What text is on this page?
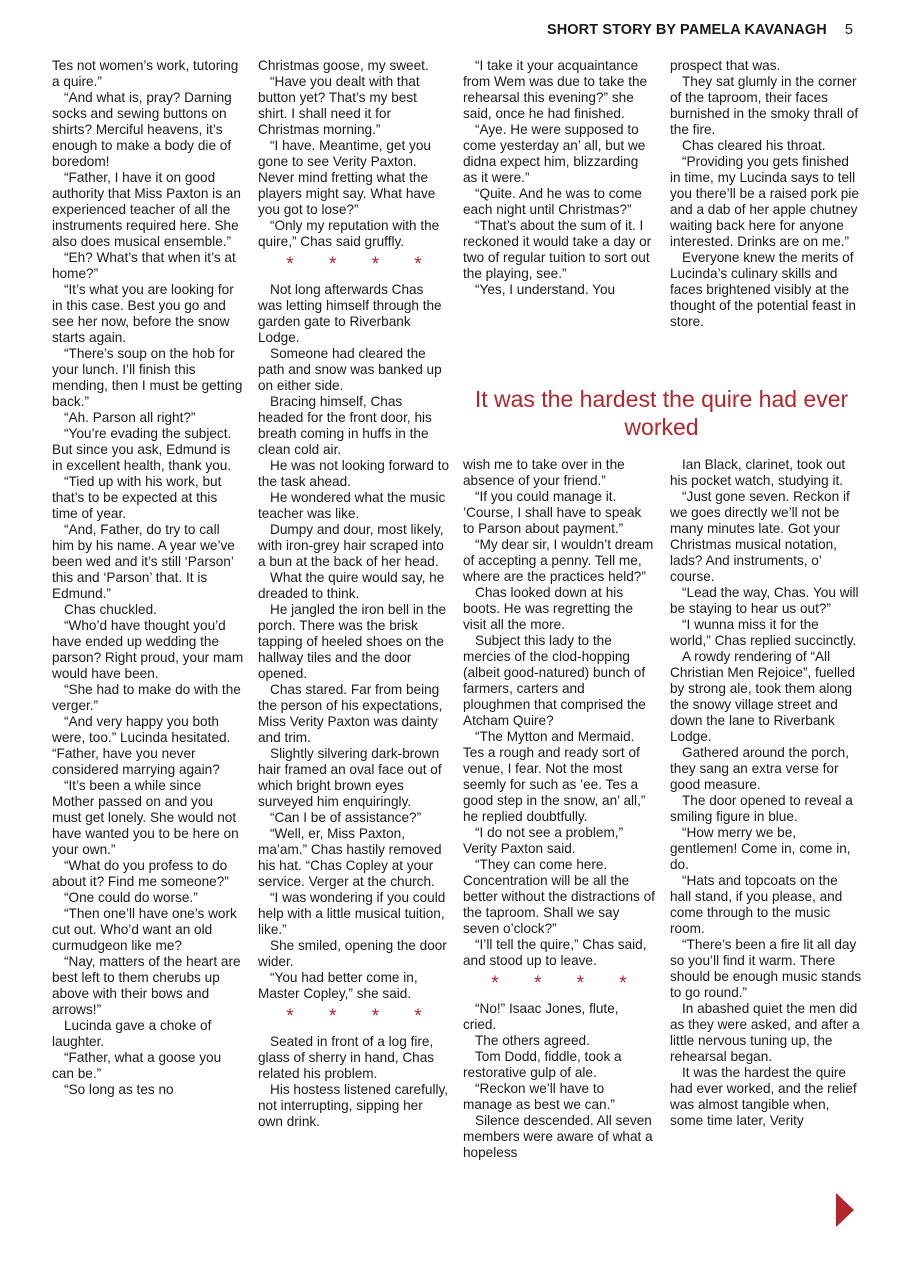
SHORT STORY BY PAMELA KAVANAGH 5

Tes not women’s work, tutoring a quire.”

“And what is, pray? Darning socks and sewing buttons on shirts? Merciful heavens, it’s enough to make a body die of boredom!

“Father, I have it on good authority that Miss Paxton is an experienced teacher of all the instruments required here. She also does musical ensemble.”

“Eh? What’s that when it’s at home?”

“It’s what you are looking for in this case. Best you go and see her now, before the snow starts again.

“There’s soup on the hob for your lunch. I’ll finish this mending, then I must be getting back.”

“Ah. Parson all right?”

“You’re evading the subject. But since you ask, Edmund is in excellent health, thank you.

“Tied up with his work, but that’s to be expected at this time of year.

“And, Father, do try to call him by his name. A year we’ve been wed and it’s still ‘Parson’ this and ‘Parson’ that. It is Edmund.”

Chas chuckled.

“Who’d have thought you’d have ended up wedding the parson? Right proud, your mam would have been.

“She had to make do with the verger.”

“And very happy you both were, too.” Lucinda hesitated. “Father, have you never considered marrying again?

“It’s been a while since Mother passed on and you must get lonely. She would not have wanted you to be here on your own.”

“What do you profess to do about it? Find me someone?”

“One could do worse.”

“Then one’ll have one’s work cut out. Who’d want an old curmudgeon like me?

“Nay, matters of the heart are best left to them cherubs up above with their bows and arrows!”

Lucinda gave a choke of laughter.

“Father, what a goose you can be.”

“So long as tes no

Christmas goose, my sweet.

“Have you dealt with that button yet? That’s my best shirt. I shall need it for Christmas morning.”

“I have. Meantime, get you gone to see Verity Paxton. Never mind fretting what the players might say. What have you got to lose?”

“Only my reputation with the quire,” Chas said gruffly.

* * * *

Not long afterwards Chas was letting himself through the garden gate to Riverbank Lodge.

Someone had cleared the path and snow was banked up on either side.

Bracing himself, Chas headed for the front door, his breath coming in huffs in the clean cold air.

He was not looking forward to the task ahead.

He wondered what the music teacher was like.

Dumpy and dour, most likely, with iron-grey hair scraped into a bun at the back of her head.

What the quire would say, he dreaded to think.

He jangled the iron bell in the porch. There was the brisk tapping of heeled shoes on the hallway tiles and the door opened.

Chas stared. Far from being the person of his expectations, Miss Verity Paxton was dainty and trim.

Slightly silvering dark-brown hair framed an oval face out of which bright brown eyes surveyed him enquiringly.

“Can I be of assistance?”

“Well, er, Miss Paxton, ma’am.” Chas hastily removed his hat. “Chas Copley at your service. Verger at the church.

“I was wondering if you could help with a little musical tuition, like.”

She smiled, opening the door wider.

“You had better come in, Master Copley,” she said.

* * * *

Seated in front of a log fire, glass of sherry in hand, Chas related his problem.

His hostess listened carefully, not interrupting, sipping her own drink.

“I take it your acquaintance from Wem was due to take the rehearsal this evening?” she said, once he had finished.

“Aye. He were supposed to come yesterday an’ all, but we didna expect him, blizzarding as it were.”

“Quite. And he was to come each night until Christmas?”

“That’s about the sum of it. I reckoned it would take a day or two of regular tuition to sort out the playing, see.”

“Yes, I understand. You

prospect that was.

They sat glumly in the corner of the taproom, their faces burnished in the smoky thrall of the fire.

Chas cleared his throat.

“Providing you gets finished in time, my Lucinda says to tell you there’ll be a raised pork pie and a dab of her apple chutney waiting back here for anyone interested. Drinks are on me.”

Everyone knew the merits of Lucinda’s culinary skills and faces brightened visibly at the thought of the potential feast in store.

It was the hardest the quire had ever worked

wish me to take over in the absence of your friend.”

“If you could manage it. ’Course, I shall have to speak to Parson about payment.”

“My dear sir, I wouldn’t dream of accepting a penny. Tell me, where are the practices held?”

Chas looked down at his boots. He was regretting the visit all the more.

Subject this lady to the mercies of the clod-hopping (albeit good-natured) bunch of farmers, carters and ploughmen that comprised the Atcham Quire?

“The Mytton and Mermaid. Tes a rough and ready sort of venue, I fear. Not the most seemly for such as ’ee. Tes a good step in the snow, an’ all,” he replied doubtfully.

“I do not see a problem,” Verity Paxton said.

“They can come here. Concentration will be all the better without the distractions of the taproom. Shall we say seven o’clock?”

“I’ll tell the quire,” Chas said, and stood up to leave.

* * * *

“No!” Isaac Jones, flute, cried.

The others agreed.

Tom Dodd, fiddle, took a restorative gulp of ale.

“Reckon we’ll have to manage as best we can.”

Silence descended. All seven members were aware of what a hopeless

Ian Black, clarinet, took out his pocket watch, studying it.

“Just gone seven. Reckon if we goes directly we’ll not be many minutes late. Got your Christmas musical notation, lads? And instruments, o’ course.

“Lead the way, Chas. You will be staying to hear us out?”

“I wunna miss it for the world,” Chas replied succinctly.

A rowdy rendering of “All Christian Men Rejoice”, fuelled by strong ale, took them along the snowy village street and down the lane to Riverbank Lodge.

Gathered around the porch, they sang an extra verse for good measure.

The door opened to reveal a smiling figure in blue.

“How merry we be, gentlemen! Come in, come in, do.

“Hats and topcoats on the hall stand, if you please, and come through to the music room.

“There’s been a fire lit all day so you’ll find it warm. There should be enough music stands to go round.”

In abashed quiet the men did as they were asked, and after a little nervous tuning up, the rehearsal began.

It was the hardest the quire had ever worked, and the relief was almost tangible when, some time later, Verity
